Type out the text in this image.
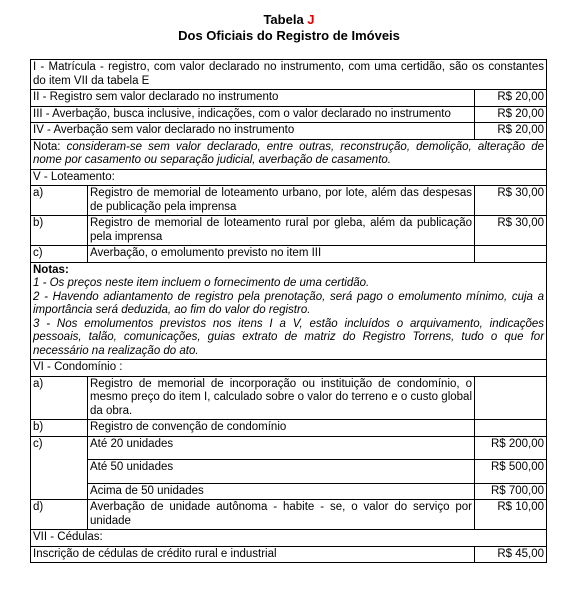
Tabela J
Dos Oficiais do Registro de Imóveis
I - Matrícula - registro, com valor declarado no instrumento, com uma certidão, são os constantes do item VII da tabela E		
II - Registro sem valor declarado no instrumento		R$ 20,00
III - Averbação, busca inclusive, indicações, com o valor declarado no instrumento		R$ 20,00
IV - Averbação sem valor declarado no instrumento		R$ 20,00
Nota: consideram-se sem valor declarado, entre outras, reconstrução, demolição, alteração de nome por casamento ou separação judicial, averbação de casamento.		
V - Loteamento:		
a)	Registro de memorial de loteamento urbano, por lote, além das despesas de publicação pela imprensa	R$ 30,00
b)	Registro de memorial de loteamento rural por gleba, além da publicação pela imprensa	R$ 30,00
c)	Averbação, o emolumento previsto no item III	

Notas:
1 - Os preços neste item incluem o fornecimento de uma certidão.
2 - Havendo adiantamento de registro pela prenotação, será pago o emolumento mínimo, cuja a importância será deduzida, ao fim do valor do registro.
3 - Nos emolumentos previstos nos itens I a V, estão incluídos o arquivamento, indicações pessoais, talão, comunicações, guias extrato de matriz do Registro Torrens, tudo o que for necessário na realização do ato.		

VI - Condomínio :		
a)	Registro de memorial de incorporação ou instituição de condomínio, o mesmo preço do item I, calculado sobre o valor do terreno e o custo global da obra.	
b)	Registro de convenção de condomínio	
c)	Até 20 unidades	R$ 200,00
	Até 50 unidades	R$ 500,00
	Acima de 50 unidades	R$ 700,00
d)	Averbação de unidade autônoma - habite - se, o valor do serviço por unidade	R$ 10,00
VII - Cédulas:		
Inscrição de cédulas de crédito rural e industrial		R$ 45,00
